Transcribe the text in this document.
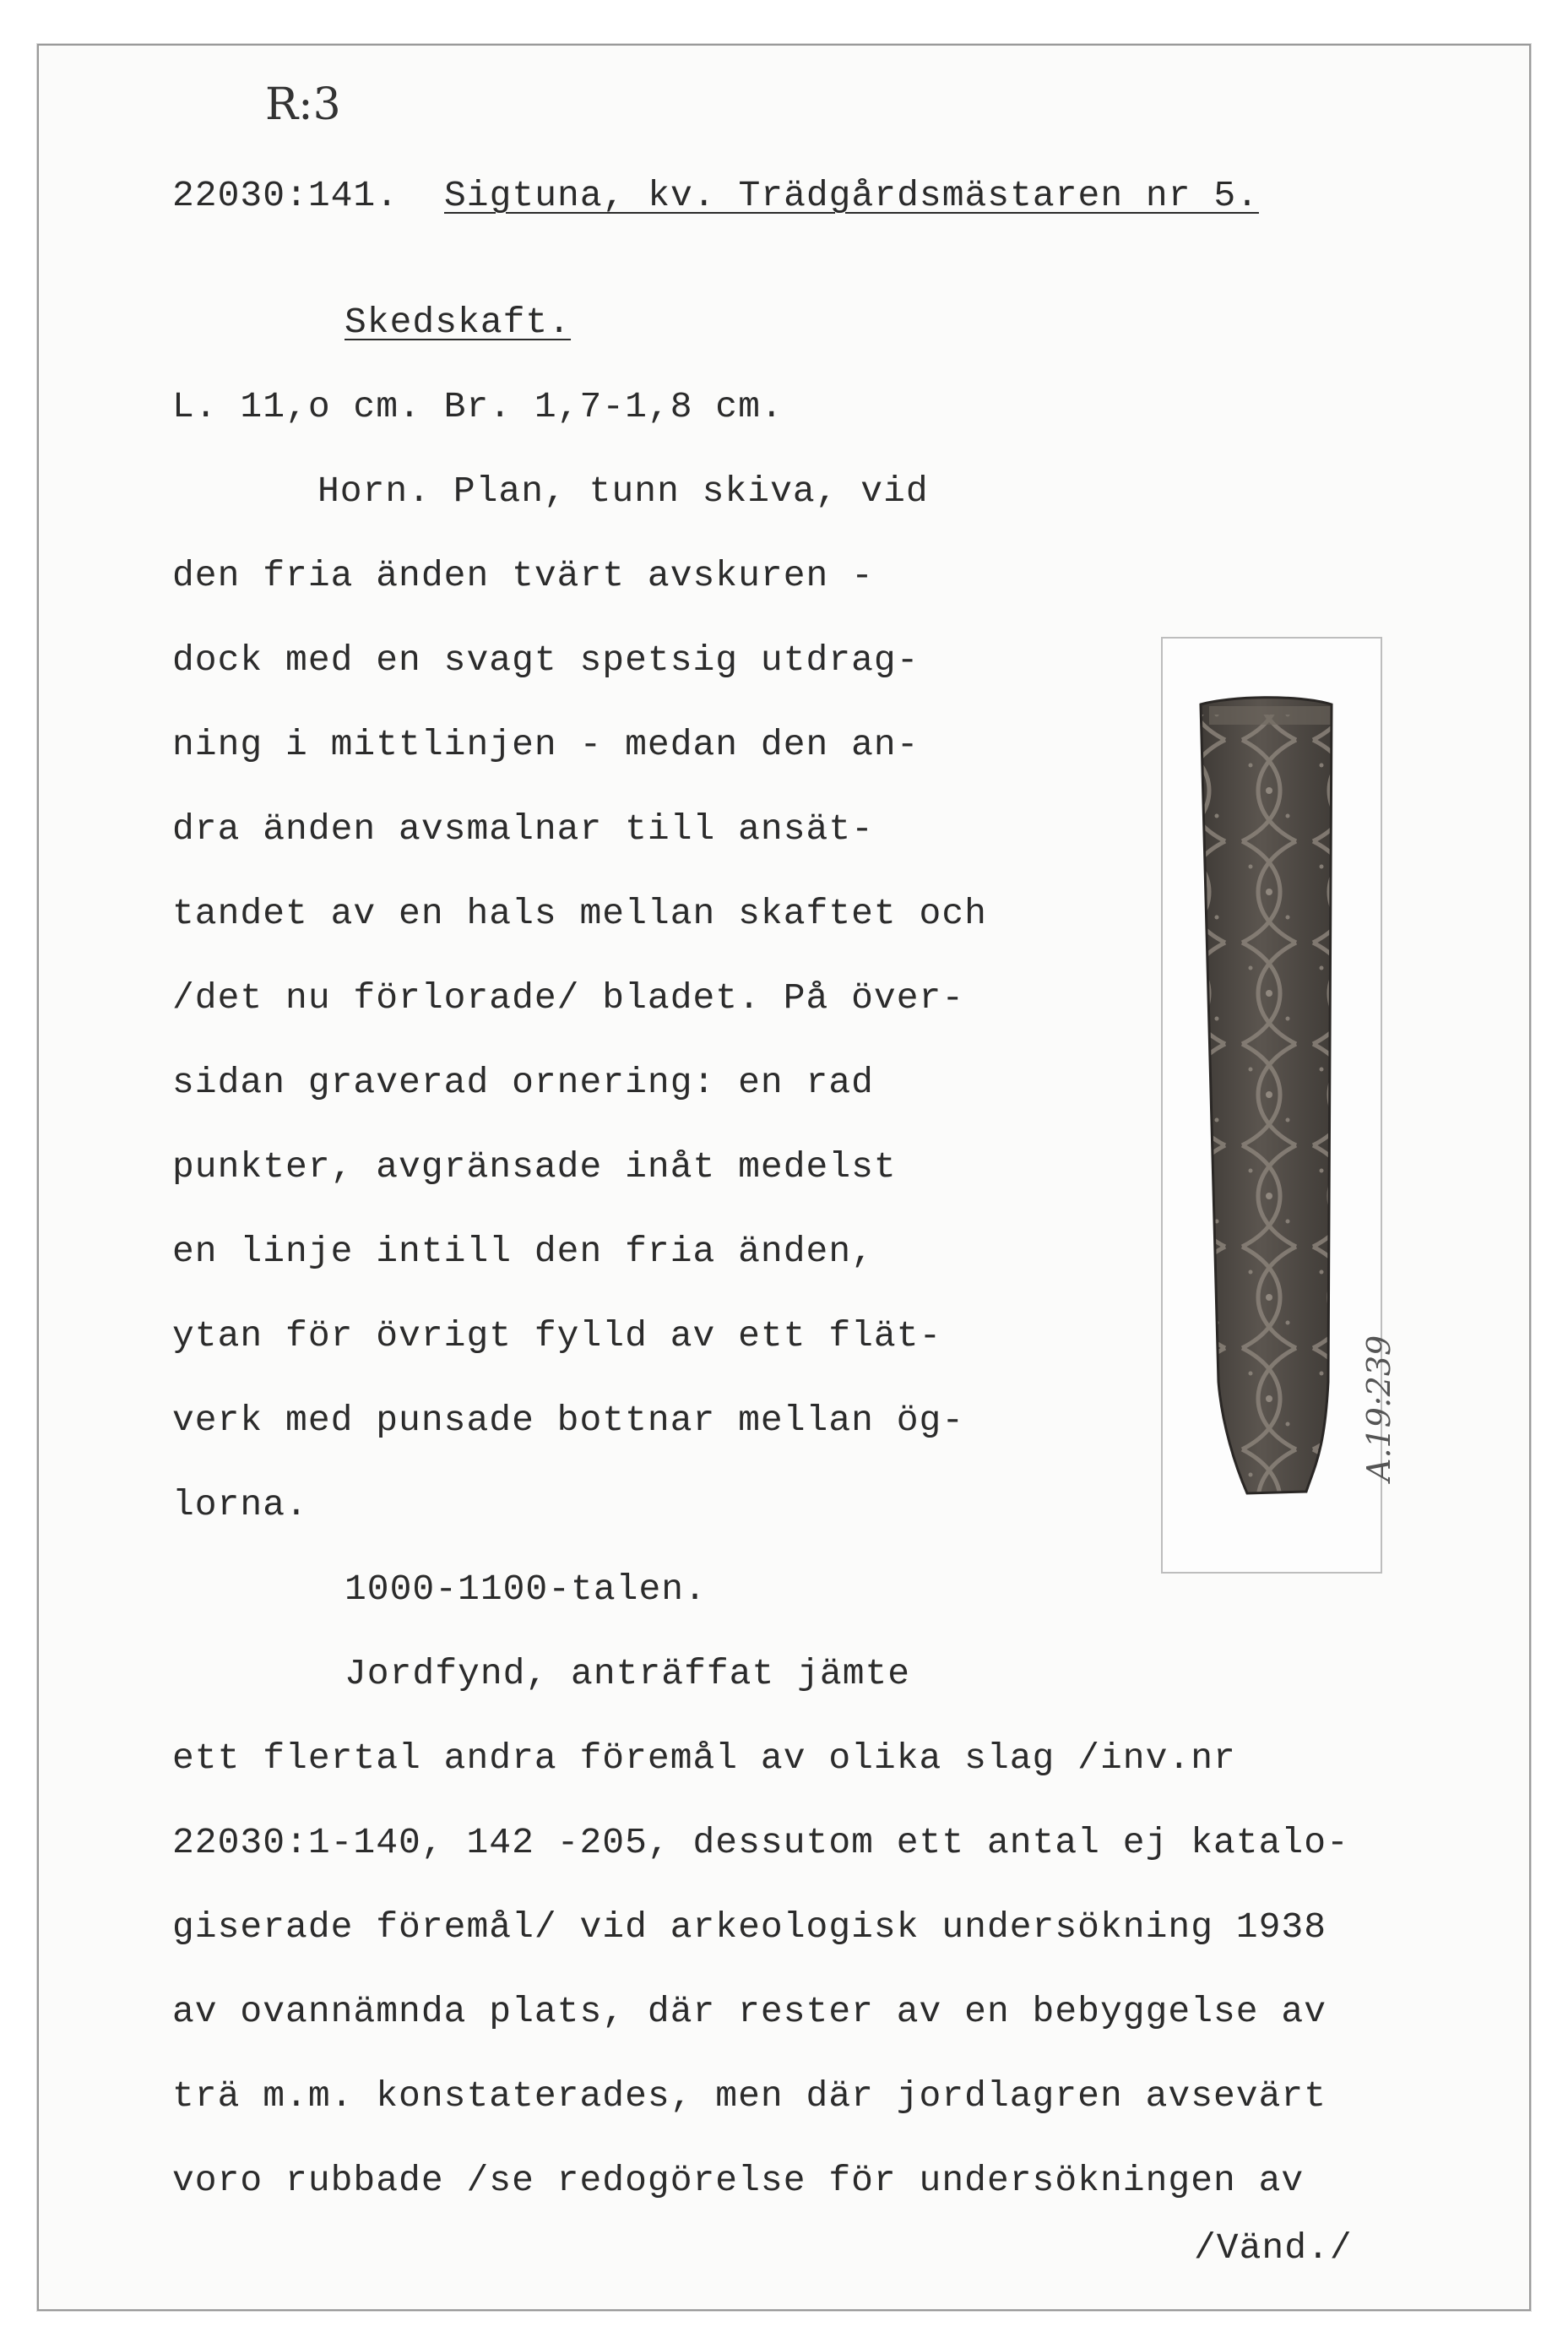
R:3
22030:141. Sigtuna, kv. Trädgårdsmästaren nr 5.
Skedskaft.
L. 11,o cm. Br. 1,7-1,8 cm.
Horn. Plan, tunn skiva, vid
den fria änden tvärt avskuren -
dock med en svagt spetsig utdrag-
ning i mittlinjen - medan den an-
dra änden avsmalnar till ansät-
tandet av en hals mellan skaftet och
/det nu förlorade/ bladet. På över-
sidan graverad ornering: en rad
punkter, avgränsade inåt medelst
en linje intill den fria änden,
ytan för övrigt fylld av ett flät-
verk med punsade bottnar mellan ög-
lorna.
1000-1100-talen.
Jordfynd, anträffat jämte
ett flertal andra föremål av olika slag /inv.nr
22030:1-140, 142 -205, dessutom ett antal ej katalo-
giserade föremål/ vid arkeologisk undersökning 1938
av ovannämnda plats, där rester av en bebyggelse av
trä m.m. konstaterades, men där jordlagren avsevärt
voro rubbade /se redogörelse för undersökningen av
/Vänd./
A.19:239
